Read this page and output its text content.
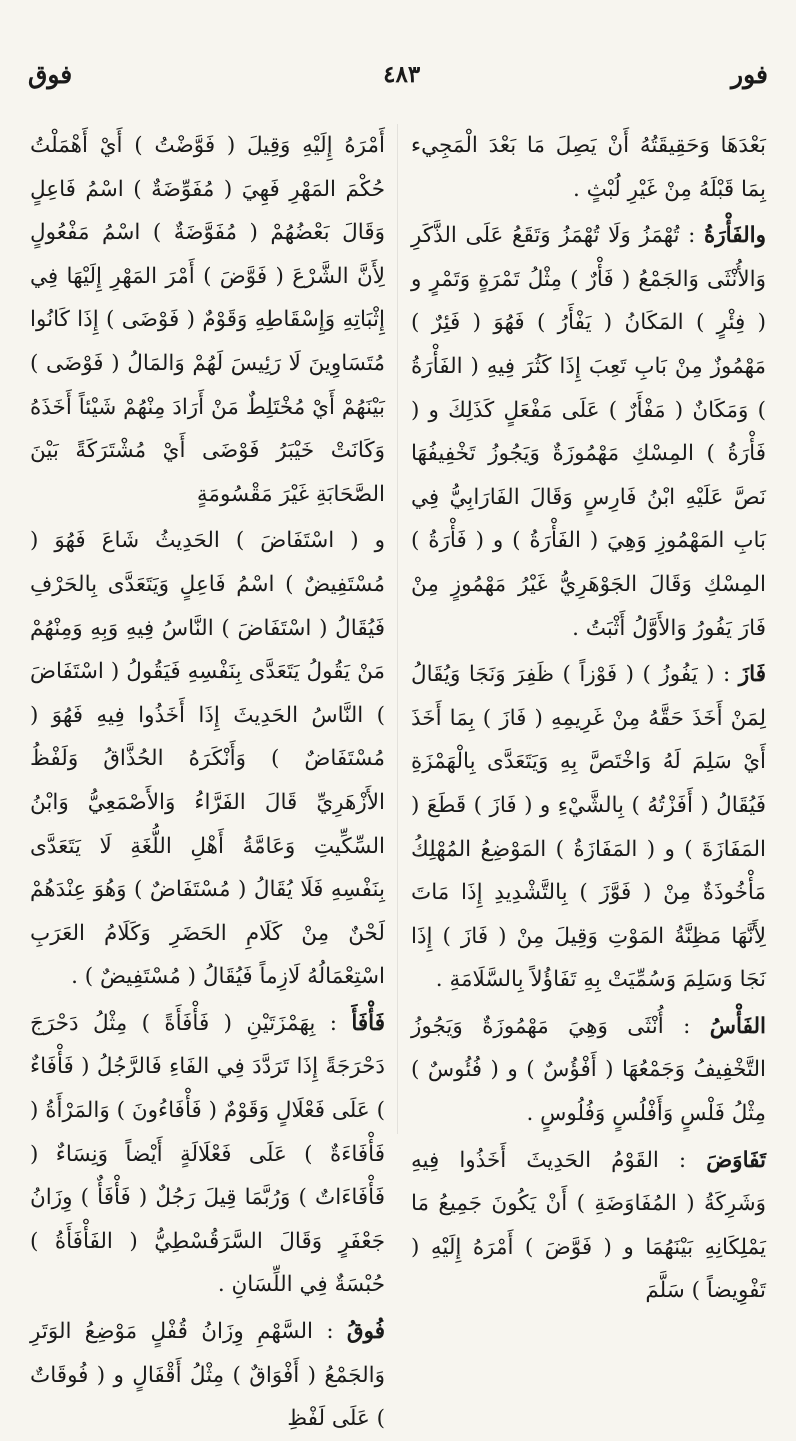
فوق	٤٨٣	فور

بَعْدَهَا وَحَقِيقَتُهُ أَنْ يَصِلَ مَا بَعْدَ الْمَجِيء بِمَا قَبْلَهُ مِنْ غَيْرِ لُبْثٍ .

والفَأْرَةُ : تُهْمَزُ وَلَا تُهْمَزُ وَتَقَعُ عَلَى الذَّكَرِ وَالأُنْثَى وَالجَمْعُ ( فَأْرٌ ) مِثْلُ تَمْرَةٍ وَتَمْرٍ و ( فِئْرٍ ) المَكَانُ ( يَفْأَرُ ) فَهُوَ ( فَئِرٌ ) مَهْمُوزٌ مِنْ بَابِ تَعِبَ إِذَا كَثُرَ فِيهِ ( الفَأْرَةُ ) وَمَكَانٌ ( مَفْأَرٌ ) عَلَى مَفْعَلٍ كَذَلِكَ و ( فَأْرَةُ ) المِسْكِ مَهْمُوزَةٌ وَيَجُوزُ تَخْفِيفُهَا نَصَّ عَلَيْهِ ابْنُ فَارِسٍ وَقَالَ الفَارَابِيُّ فِي بَابِ المَهْمُوزِ وَهِيَ ( الفَأْرَةُ ) و ( فَأْرَةُ ) المِسْكِ وَقَالَ الجَوْهَرِيُّ غَيْرُ مَهْمُوزٍ مِنْ فَارَ يَفُورُ وَالأَوَّلُ أَثْبَتُ .

فَازَ : ( يَفُوزُ ) ( فَوْزاً ) ظَفِرَ وَنَجَا وَيُقَالُ لِمَنْ أَخَذَ حَقَّهُ مِنْ غَرِيمِهِ ( فَازَ ) بِمَا أَخَذَ أَيْ سَلِمَ لَهُ وَاخْتَصَّ بِهِ وَيَتَعَدَّى بِالْهَمْزَةِ فَيُقَالُ ( أَفَزْتُهُ ) بِالشَّيْءِ و ( فَازَ ) قَطَعَ ( المَفَازَةَ ) و ( المَفَازَةُ ) المَوْضِعُ المُهْلِكُ مَأْخُوذَةٌ مِنْ ( فَوَّزَ ) بِالتَّشْدِيدِ إِذَا مَاتَ لِأَنَّهَا مَظِنَّةُ المَوْتِ وَقِيلَ مِنْ ( فَازَ ) إِذَا نَجَا وَسَلِمَ وَسُمِّيَتْ بِهِ تَفَاؤُلاً بِالسَّلَامَةِ .

الفَأْسُ : أُنْثَى وَهِيَ مَهْمُوزَةٌ وَيَجُوزُ التَّخْفِيفُ وَجَمْعُهَا ( أَفْؤُسٌ ) و ( فُئُوسٌ ) مِثْلُ فَلْسٍ وَأَفْلُسٍ وَفُلُوسٍ .

تَفَاوَضَ : القَوْمُ الحَدِيثَ أَخَذُوا فِيهِ وَشَرِكَةُ ( المُفَاوَضَةِ ) أَنْ يَكُونَ جَمِيعُ مَا يَمْلِكَانِهِ بَيْنَهُمَا و ( فَوَّضَ ) أَمْرَهُ إِلَيْهِ ( تَفْوِيضاً ) سَلَّمَ

أَمْرَهُ إِلَيْهِ وَقِيلَ ( فَوَّضْتُ ) أَيْ أَهْمَلْتُ حُكْمَ المَهْرِ فَهِيَ ( مُفَوِّضَةٌ ) اسْمُ فَاعِلٍ وَقَالَ بَعْضُهُمْ ( مُفَوَّضَةٌ ) اسْمُ مَفْعُولٍ لِأَنَّ الشَّرْعَ ( فَوَّضَ ) أَمْرَ المَهْرِ إِلَيْهَا فِي إِثْبَاتِهِ وَإِسْقَاطِهِ وَقَوْمٌ ( فَوْضَى ) إِذَا كَانُوا مُتَسَاوِينَ لَا رَئِيسَ لَهُمْ وَالمَالُ ( فَوْضَى ) بَيْنَهُمْ أَيْ مُخْتَلِطٌ مَنْ أَرَادَ مِنْهُمْ شَيْئاً أَخَذَهُ وَكَانَتْ خَيْبَرُ فَوْضَى أَيْ مُشْتَرَكَةً بَيْنَ الصَّحَابَةِ غَيْرَ مَقْسُومَةٍ

و ( اسْتَفَاضَ ) الحَدِيثُ شَاعَ فَهُوَ ( مُسْتَفِيضٌ ) اسْمُ فَاعِلٍ وَيَتَعَدَّى بِالحَرْفِ فَيُقَالُ ( اسْتَفَاضَ ) النَّاسُ فِيهِ وَبِهِ وَمِنْهُمْ مَنْ يَقُولُ يَتَعَدَّى بِنَفْسِهِ فَيَقُولُ ( اسْتَفَاضَ ) النَّاسُ الحَدِيثَ إِذَا أَخَذُوا فِيهِ فَهُوَ ( مُسْتَفَاضٌ ) وَأَنْكَرَهُ الحُذَّاقُ وَلَفْظُ الأَزْهَرِيِّ قَالَ الفَرَّاءُ وَالأَصْمَعِيُّ وَابْنُ السِّكِّيتِ وَعَامَّةُ أَهْلِ اللُّغَةِ لَا يَتَعَدَّى بِنَفْسِهِ فَلَا يُقَالُ ( مُسْتَفَاضٌ ) وَهُوَ عِنْدَهُمْ لَحْنٌ مِنْ كَلَامِ الحَضَرِ وَكَلَامُ العَرَبِ اسْتِعْمَالُهُ لَازِماً فَيُقَالُ ( مُسْتَفِيضٌ ) .

فَأْفَأَ : بِهَمْزَتَيْنِ ( فَأْفَأَةً ) مِثْلُ دَحْرَجَ دَحْرَجَةً إِذَا تَرَدَّدَ فِي الفَاءِ فَالرَّجُلُ ( فَأْفَاءٌ ) عَلَى فَعْلَالٍ وَقَوْمٌ ( فَأْفَاءُونَ ) وَالمَرْأَةُ ( فَأْفَاءَةٌ ) عَلَى فَعْلَالَةٍ أَيْضاً وَنِسَاءٌ ( فَأْفَاءَاتٌ ) وَرُبَّمَا قِيلَ رَجُلٌ ( فَأْفَأٌ ) وِزَانُ جَعْفَرٍ وَقَالَ السَّرَقُسْطِيُّ ( الفَأْفَأَةُ ) حُبْسَةٌ فِي اللِّسَانِ .

فُوقُ : السَّهْمِ وِزَانُ قُفْلٍ مَوْضِعُ الوَتَرِ وَالجَمْعُ ( أَفْوَاقٌ ) مِثْلُ أَقْفَالٍ و ( فُوقَاتٌ ) عَلَى لَفْظِ
